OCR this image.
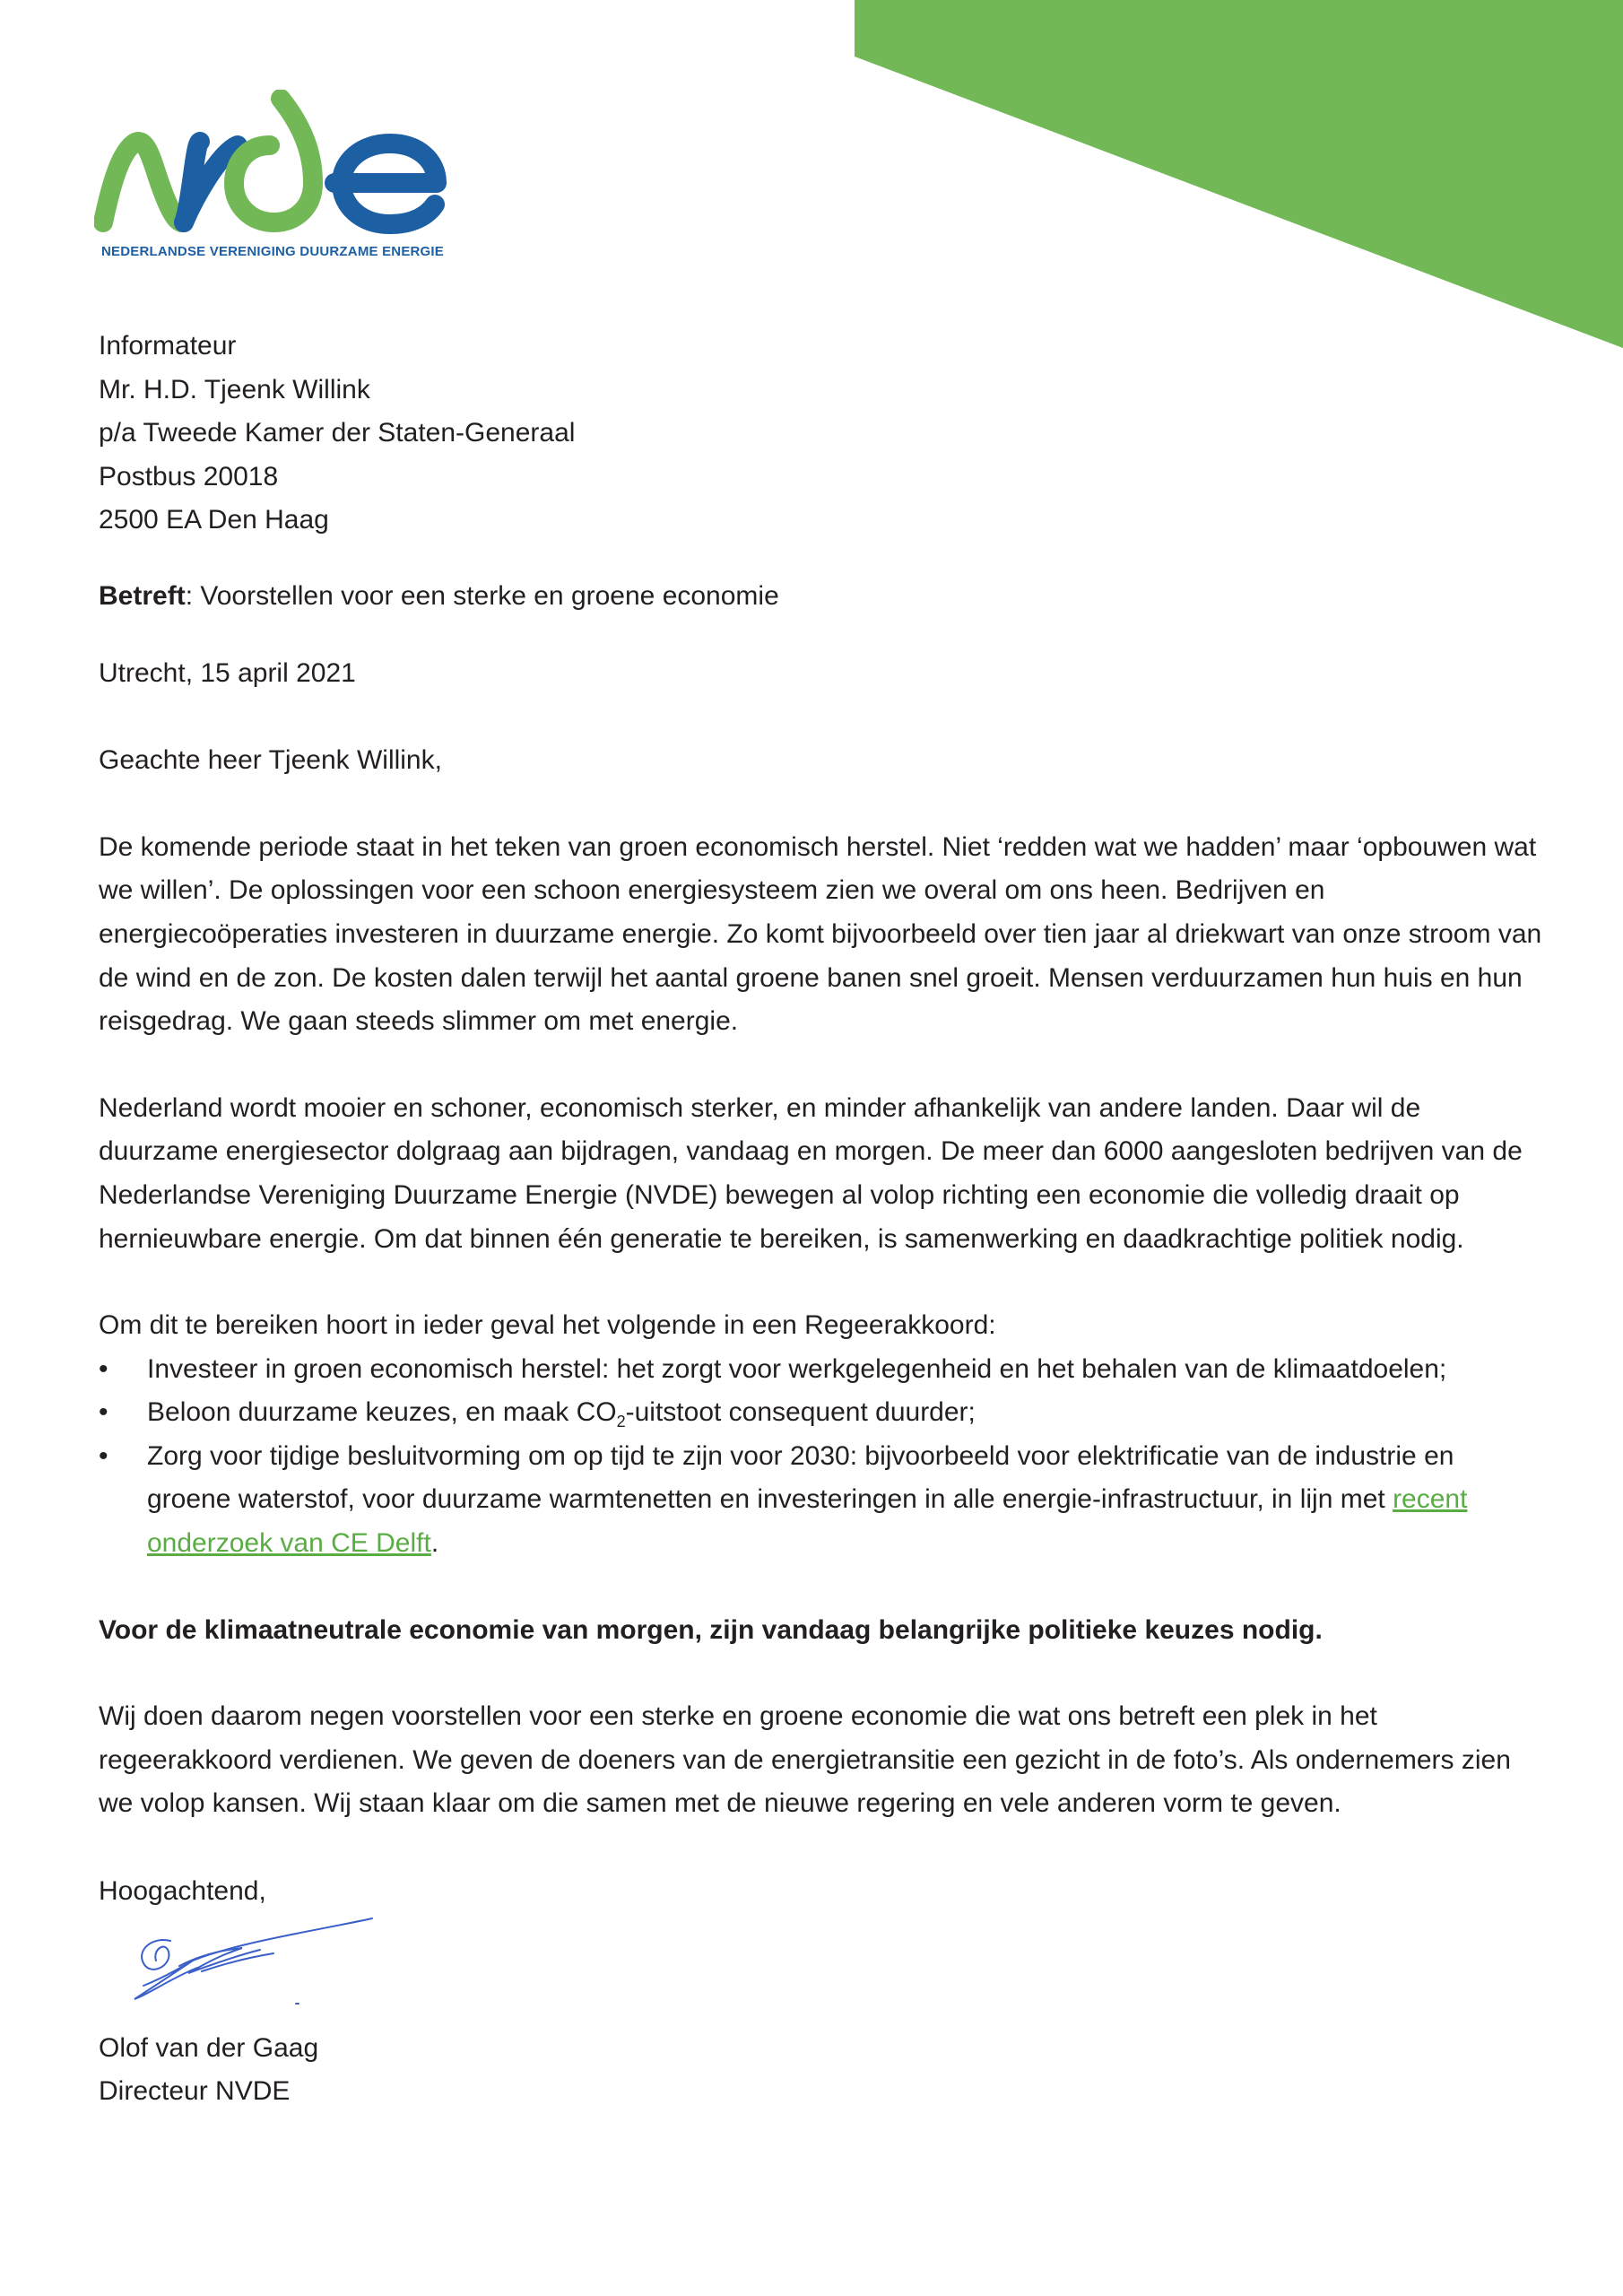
NEDERLANDSE VERENIGING DUURZAME ENERGIE
Informateur
Mr. H.D. Tjeenk Willink
p/a Tweede Kamer der Staten-Generaal
Postbus 20018
2500 EA Den Haag

Betreft: Voorstellen voor een sterke en groene economie

Utrecht, 15 april 2021

Geachte heer Tjeenk Willink,

De komende periode staat in het teken van groen economisch herstel. Niet ‘redden wat we hadden’ maar ‘opbouwen wat we willen’. De oplossingen voor een schoon energiesysteem zien we overal om ons heen. Bedrijven en energiecoöperaties investeren in duurzame energie. Zo komt bijvoorbeeld over tien jaar al driekwart van onze stroom van de wind en de zon. De kosten dalen terwijl het aantal groene banen snel groeit. Mensen verduurzamen hun huis en hun reisgedrag. We gaan steeds slimmer om met energie.

Nederland wordt mooier en schoner, economisch sterker, en minder afhankelijk van andere landen. Daar wil de duurzame energiesector dolgraag aan bijdragen, vandaag en morgen. De meer dan 6000 aangesloten bedrijven van de Nederlandse Vereniging Duurzame Energie (NVDE) bewegen al volop richting een economie die volledig draait op hernieuwbare energie. Om dat binnen één generatie te bereiken, is samenwerking en daadkrachtige politiek nodig.

Om dit te bereiken hoort in ieder geval het volgende in een Regeerakkoord:

• Investeer in groen economisch herstel: het zorgt voor werkgelegenheid en het behalen van de klimaatdoelen;
• Beloon duurzame keuzes, en maak $CO_2$-uitstoot consequent duurder;
• Zorg voor tijdige besluitvorming om op tijd te zijn voor 2030: bijvoorbeeld voor elektrificatie van de industrie en groene waterstof, voor duurzame warmtenetten en investeringen in alle energie-infrastructuur, in lijn met recent onderzoek van CE Delft.

Voor de klimaatneutrale economie van morgen, zijn vandaag belangrijke politieke keuzes nodig.

Wij doen daarom negen voorstellen voor een sterke en groene economie die wat ons betreft een plek in het regeerakkoord verdienen. We geven de doeners van de energietransitie een gezicht in de foto’s. Als ondernemers zien we volop kansen. Wij staan klaar om die samen met de nieuwe regering en vele anderen vorm te geven.

Hoogachtend,

Olof van der Gaag

Directeur NVDE
